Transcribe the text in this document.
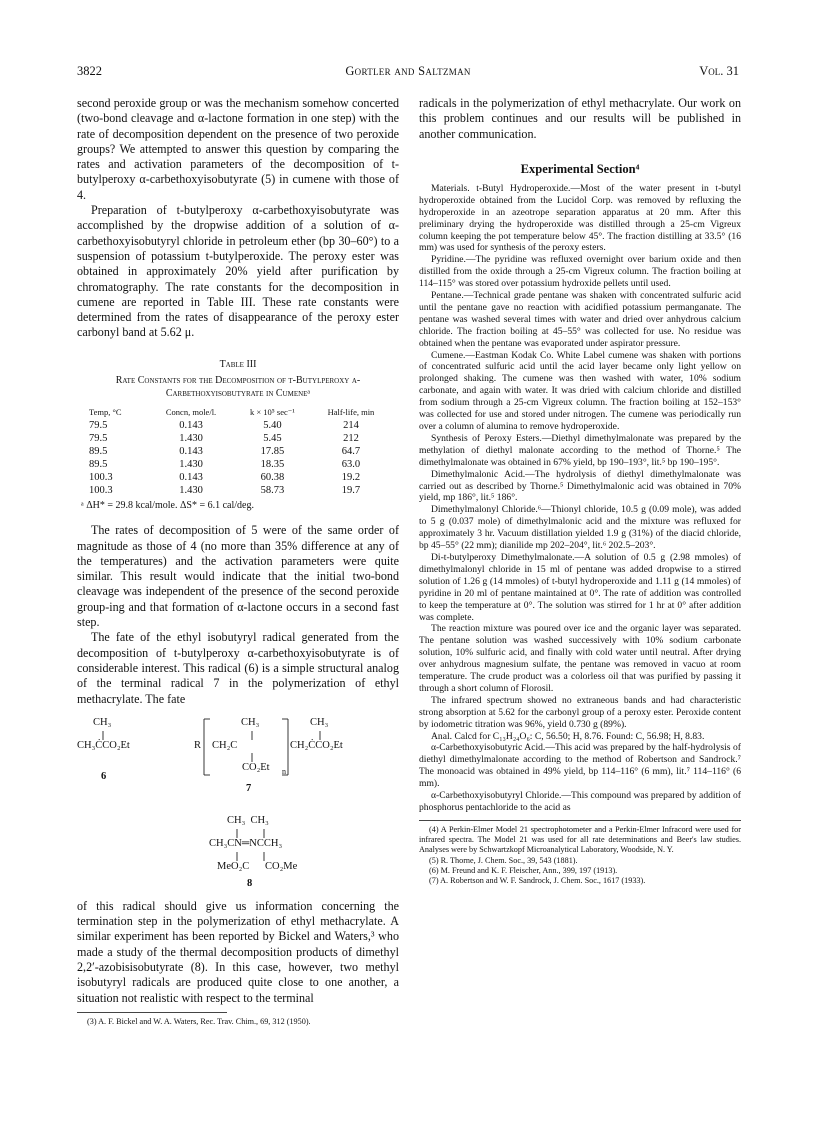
3822	Gortler and Saltzman	Vol. 31

second peroxide group or was the mechanism somehow concerted (two-bond cleavage and α-lactone formation in one step) with the rate of decomposition dependent on the presence of two peroxide groups? We attempted to answer this question by comparing the rates and activation parameters of the decomposition of t-butylperoxy α-carbethoxyisobutyrate (5) in cumene with those of 4.

Preparation of t-butylperoxy α-carbethoxyisobutyrate was accomplished by the dropwise addition of a solution of α-carbethoxyisobutyryl chloride in petroleum ether (bp 30–60°) to a suspension of potassium t-butylperoxide. The peroxy ester was obtained in approximately 20% yield after purification by chromatography. The rate constants for the decomposition in cumene are reported in Table III. These rate constants were determined from the rates of disappearance of the peroxy ester carbonyl band at 5.62 μ.

Table III
Rate Constants for the Decomposition of t-Butylperoxy α-Carbethoxyisobutyrate in Cumeneᵃ
Temp, °C	Concn, mole/l.	k × 10⁵ sec⁻¹	Half-life, min
79.5	0.143	5.40	214
79.5	1.430	5.45	212
89.5	0.143	17.85	64.7
89.5	1.430	18.35	63.0
100.3	0.143	60.38	19.2
100.3	1.430	58.73	19.7
ᵃ ΔH* = 29.8 kcal/mole. ΔS* = 6.1 cal/deg.

The rates of decomposition of 5 were of the same order of magnitude as those of 4 (no more than 35% difference at any of the temperatures) and the activation parameters were quite similar. This result would indicate that the initial two-bond cleavage was independent of the presence of the second peroxide group-ing and that formation of α-lactone occurs in a second fast step.

The fate of the ethyl isobutyryl radical generated from the decomposition of t-butylperoxy α-carbethoxyisobutyrate is of considerable interest. This radical (6) is a simple structural analog of the terminal radical 7 in the polymerization of ethyl methacrylate. The fate

CH₃
CH₃ĊCO₂Et
6
CH₃	CH₃
R CH₂C	CH₂ĊCO₂Et
CO₂Et n
7
CH₃  CH₃
CH₃CN═NCCH₃
MeO₂C      CO₂Me
8

of this radical should give us information concerning the termination step in the polymerization of ethyl methacrylate. A similar experiment has been reported by Bickel and Waters,³ who made a study of the thermal decomposition products of dimethyl 2,2′-azobisisobutyrate (8). In this case, however, two methyl isobutyryl radicals are produced quite close to one another, a situation not realistic with respect to the terminal

(3) A. F. Bickel and W. A. Waters, Rec. Trav. Chim., 69, 312 (1950).

radicals in the polymerization of ethyl methacrylate. Our work on this problem continues and our results will be published in another communication.

Experimental Section⁴

Materials. t-Butyl Hydroperoxide.—Most of the water present in t-butyl hydroperoxide obtained from the Lucidol Corp. was removed by refluxing the hydroperoxide in an azeotrope separation apparatus at 20 mm. After this preliminary drying the hydroperoxide was distilled through a 25-cm Vigreux column keeping the pot temperature below 45°. The fraction distilling at 33.5° (16 mm) was used for synthesis of the peroxy esters.

Pyridine.—The pyridine was refluxed overnight over barium oxide and then distilled from the oxide through a 25-cm Vigreux column. The fraction boiling at 114–115° was stored over potassium hydroxide pellets until used.

Pentane.—Technical grade pentane was shaken with concentrated sulfuric acid until the pentane gave no reaction with acidified potassium permanganate. The pentane was washed several times with water and dried over anhydrous calcium chloride. The fraction boiling at 45–55° was collected for use. No residue was obtained when the pentane was evaporated under aspirator pressure.

Cumene.—Eastman Kodak Co. White Label cumene was shaken with portions of concentrated sulfuric acid until the acid layer became only light yellow on prolonged shaking. The cumene was then washed with water, 10% sodium carbonate, and again with water. It was dried with calcium chloride and distilled from sodium through a 25-cm Vigreux column. The fraction boiling at 152–153° was collected for use and stored under nitrogen. The cumene was periodically run over a column of alumina to remove hydroperoxide.

Synthesis of Peroxy Esters.—Diethyl dimethylmalonate was prepared by the methylation of diethyl malonate according to the method of Thorne.⁵ The dimethylmalonate was obtained in 67% yield, bp 190–193°, lit.⁵ bp 190–195°.

Dimethylmalonic Acid.—The hydrolysis of diethyl dimethylmalonate was carried out as described by Thorne.⁵ Dimethylmalonic acid was obtained in 70% yield, mp 186°, lit.⁵ 186°.

Dimethylmalonyl Chloride.⁶—Thionyl chloride, 10.5 g (0.09 mole), was added to 5 g (0.037 mole) of dimethylmalonic acid and the mixture was refluxed for approximately 3 hr. Vacuum distillation yielded 1.9 g (31%) of the diacid chloride, bp 45–55° (22 mm); dianilide mp 202–204°, lit.⁶ 202.5–203°.

Di-t-butylperoxy Dimethylmalonate.—A solution of 0.5 g (2.98 mmoles) of dimethylmalonyl chloride in 15 ml of pentane was added dropwise to a stirred solution of 1.26 g (14 mmoles) of t-butyl hydroperoxide and 1.11 g (14 mmoles) of pyridine in 20 ml of pentane maintained at 0°. The rate of addition was controlled to keep the temperature at 0°. The solution was stirred for 1 hr at 0° after addition was complete.

The reaction mixture was poured over ice and the organic layer was separated. The pentane solution was washed successively with 10% sodium carbonate solution, 10% sulfuric acid, and finally with cold water until neutral. After drying over anhydrous magnesium sulfate, the pentane was removed in vacuo at room temperature. The crude product was a colorless oil that was purified by passing it through a short column of Florosil.

The infrared spectrum showed no extraneous bands and had characteristic strong absorption at 5.62 for the carbonyl group of a peroxy ester. Peroxide content by iodometric titration was 96%, yield 0.730 g (89%).

Anal. Calcd for C₁₃H₂₄O₆: C, 56.50; H, 8.76. Found: C, 56.98; H, 8.83.

α-Carbethoxyisobutyric Acid.—This acid was prepared by the half-hydrolysis of diethyl dimethylmalonate according to the method of Robertson and Sandrock.⁷ The monoacid was obtained in 49% yield, bp 114–116° (6 mm), lit.⁷ 114–116° (6 mm).

α-Carbethoxyisobutyryl Chloride.—This compound was prepared by addition of phosphorus pentachloride to the acid as

(4) A Perkin-Elmer Model 21 spectrophotometer and a Perkin-Elmer Infracord were used for infrared spectra. The Model 21 was used for all rate determinations and Beer's law studies. Analyses were by Schwartzkopf Microanalytical Laboratory, Woodside, N. Y.

(5) R. Thorne, J. Chem. Soc., 39, 543 (1881).

(6) M. Freund and K. F. Fleischer, Ann., 399, 197 (1913).

(7) A. Robertson and W. F. Sandrock, J. Chem. Soc., 1617 (1933).
